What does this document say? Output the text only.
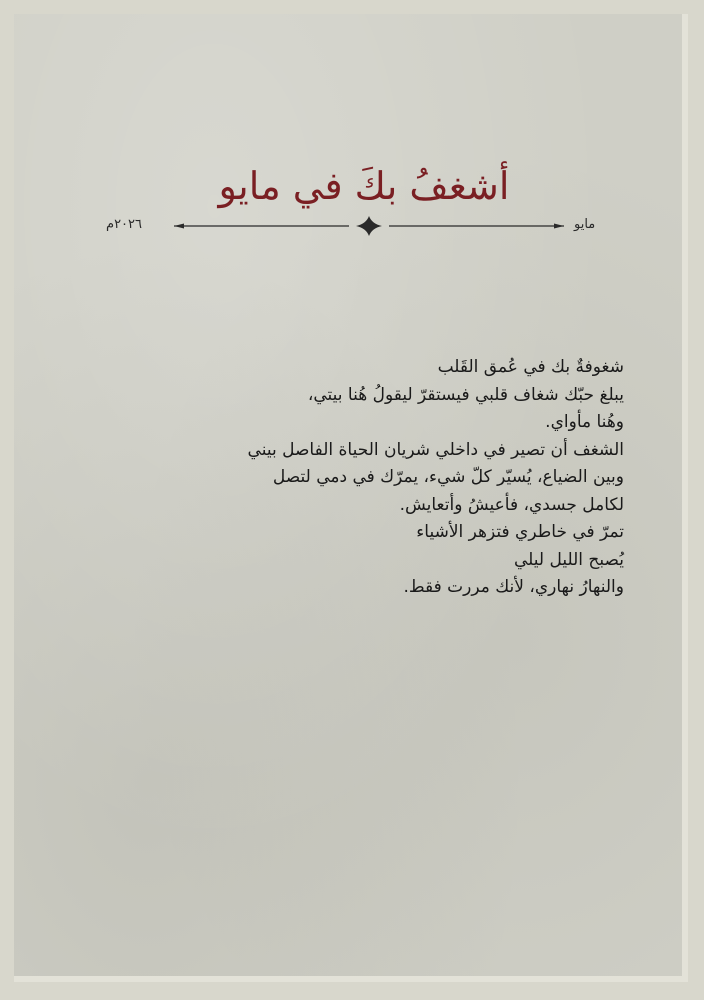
أشغفُ بكَ في مايو
مايو
٢٠٢٦م
شغوفةٌ بك في عُمق القَلب
يبلغ حبّك شغاف قلبي فيستقرّ ليقولُ هُنا بيتي،
وهُنا مأواي.
الشغف أن تصير في داخلي شريان الحياة الفاصل بيني
وبين الضياع، يُسيّر كلّ شيء، يمرّك في دمي لتصل
لكامل جسدي، فأعيشُ وأتعايش.
تمرّ في خاطري فتزهر الأشياء
يُصبح الليل ليلي
والنهارُ نهاري، لأنك مررت فقط.
